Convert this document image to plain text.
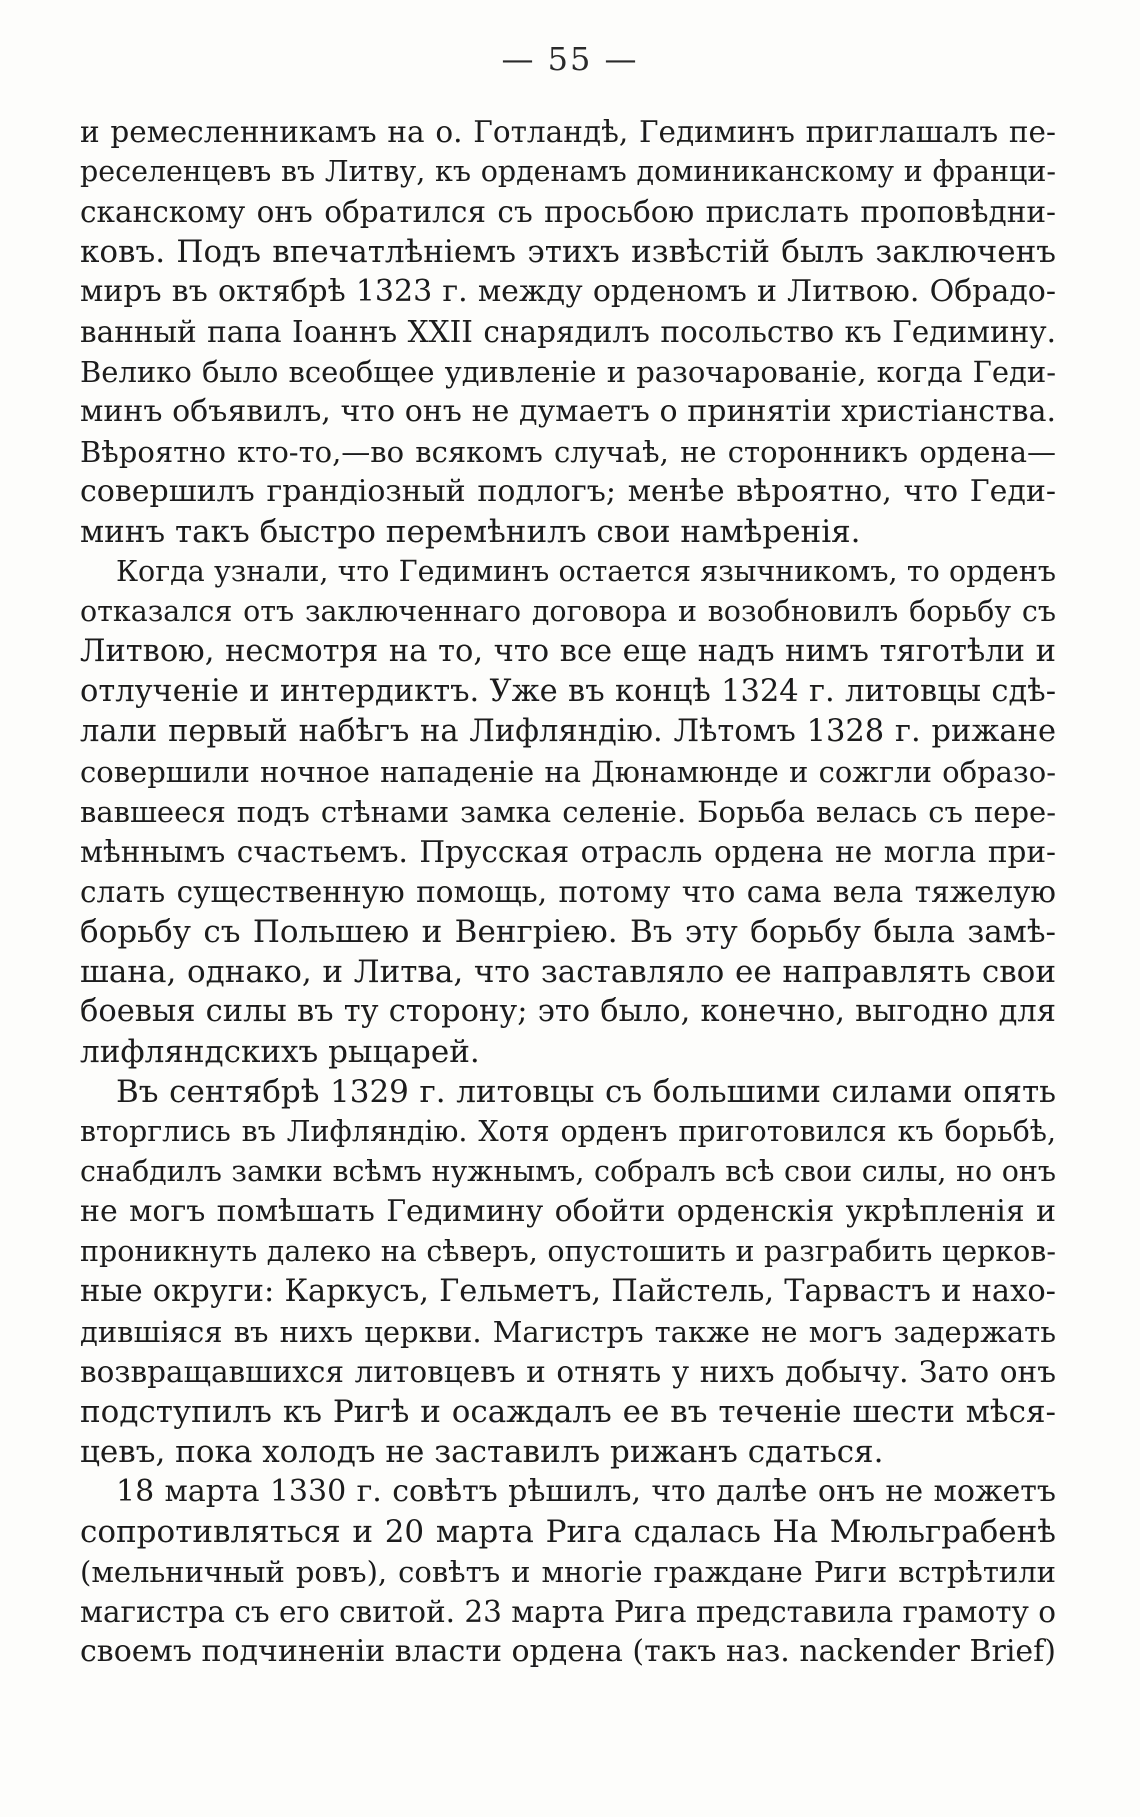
— 55 —
и ремесленникамъ на о. Готландѣ, Гедиминъ приглашалъ пе-
реселенцевъ въ Литву, къ орденамъ доминиканскому и франци-
сканскому онъ обратился съ просьбою прислать проповѣдни-
ковъ. Подъ впечатлѣніемъ этихъ извѣстій былъ заключенъ
миръ въ октябрѣ 1323 г. между орденомъ и Литвою. Обрадо-
ванный папа Іоаннъ XXII снарядилъ посольство къ Гедимину.
Велико было всеобщее удивленіе и разочарованіе, когда Геди-
минъ объявилъ, что онъ не думаетъ о принятіи христіанства.
Вѣроятно кто-то,—во всякомъ случаѣ, не сторонникъ ордена—
совершилъ грандіозный подлогъ; менѣе вѣроятно, что Геди-
минъ такъ быстро перемѣнилъ свои намѣренія.
Когда узнали, что Гедиминъ остается язычникомъ, то орденъ
отказался отъ заключеннаго договора и возобновилъ борьбу съ
Литвою, несмотря на то, что все еще надъ нимъ тяготѣли и
отлученіе и интердиктъ. Уже въ концѣ 1324 г. литовцы сдѣ-
лали первый набѣгъ на Лифляндію. Лѣтомъ 1328 г. рижане
совершили ночное нападеніе на Дюнамюнде и сожгли образо-
вавшееся подъ стѣнами замка селеніе. Борьба велась съ пере-
мѣннымъ счастьемъ. Прусская отрасль ордена не могла при-
слать существенную помощь, потому что сама вела тяжелую
борьбу съ Польшею и Венгріею. Въ эту борьбу была замѣ-
шана, однако, и Литва, что заставляло ее направлять свои
боевыя силы въ ту сторону; это было, конечно, выгодно для
лифляндскихъ рыцарей.
Въ сентябрѣ 1329 г. литовцы съ большими силами опять
вторглись въ Лифляндію. Хотя орденъ приготовился къ борьбѣ,
снабдилъ замки всѣмъ нужнымъ, собралъ всѣ свои силы, но онъ
не могъ помѣшать Гедимину обойти орденскія укрѣпленія и
проникнуть далеко на сѣверъ, опустошить и разграбить церков-
ные округи: Каркусъ, Гельметъ, Пайстель, Тарвастъ и нахо-
дившіяся въ нихъ церкви. Магистръ также не могъ задержать
возвращавшихся литовцевъ и отнять у нихъ добычу. Зато онъ
подступилъ къ Ригѣ и осаждалъ ее въ теченіе шести мѣся-
цевъ, пока холодъ не заставилъ рижанъ сдаться.
18 марта 1330 г. совѣтъ рѣшилъ, что далѣе онъ не можетъ
сопротивляться и 20 марта Рига сдалась На Мюльграбенѣ
(мельничный ровъ), совѣтъ и многіе граждане Риги встрѣтили
магистра съ его свитой. 23 марта Рига представила грамоту о
своемъ подчиненіи власти ордена (такъ наз. nackender Brief)
